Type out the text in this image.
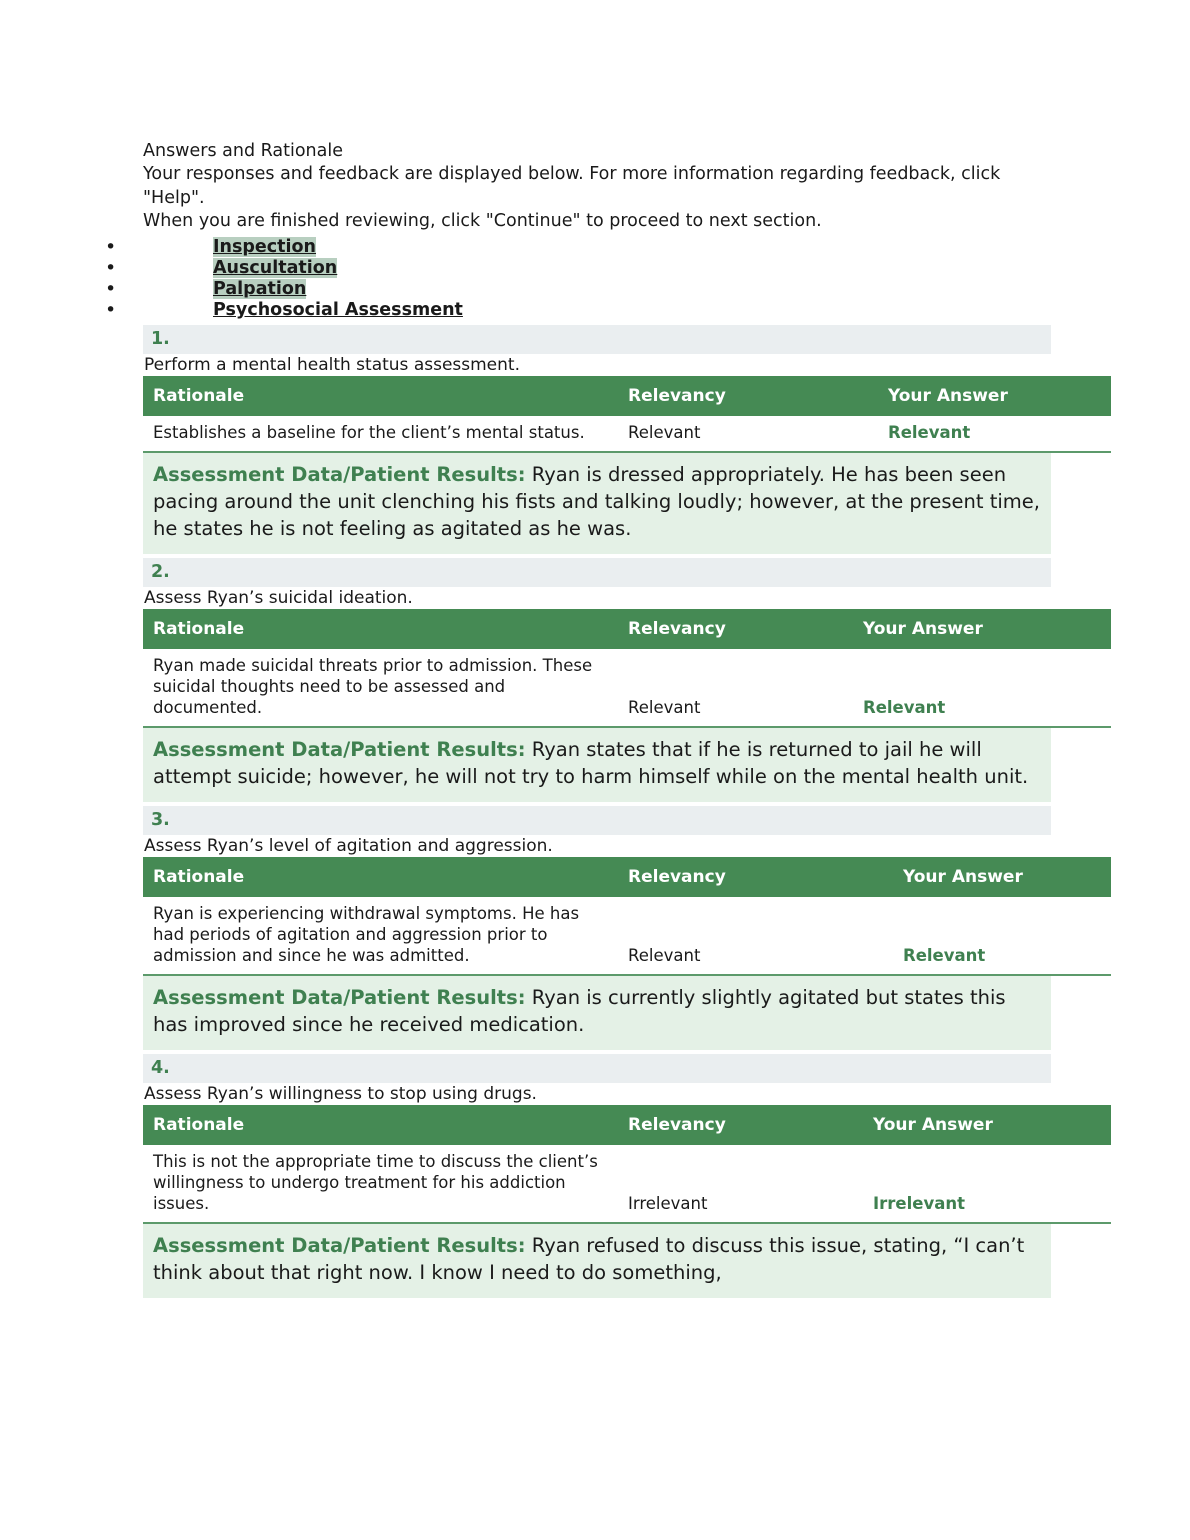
Answers and Rationale
Your responses and feedback are displayed below. For more information regarding feedback, click "Help".
When you are finished reviewing, click "Continue" to proceed to next section.
• Inspection
• Auscultation
• Palpation
• Psychosocial Assessment
1.
Perform a mental health status assessment.
Rationale	Relevancy	Your Answer
Establishes a baseline for the client’s mental status.	Relevant	Relevant
Assessment Data/Patient Results: Ryan is dressed appropriately. He has been seen pacing around the unit clenching his fists and talking loudly; however, at the present time, he states he is not feeling as agitated as he was.
2.
Assess Ryan’s suicidal ideation.
Rationale	Relevancy	Your Answer
Ryan made suicidal threats prior to admission. These suicidal thoughts need to be assessed and documented.	Relevant	Relevant
Assessment Data/Patient Results: Ryan states that if he is returned to jail he will attempt suicide; however, he will not try to harm himself while on the mental health unit.
3.
Assess Ryan’s level of agitation and aggression.
Rationale	Relevancy	Your Answer
Ryan is experiencing withdrawal symptoms. He has had periods of agitation and aggression prior to admission and since he was admitted.	Relevant	Relevant
Assessment Data/Patient Results: Ryan is currently slightly agitated but states this has improved since he received medication.
4.
Assess Ryan’s willingness to stop using drugs.
Rationale	Relevancy	Your Answer
This is not the appropriate time to discuss the client’s willingness to undergo treatment for his addiction issues.	Irrelevant	Irrelevant
Assessment Data/Patient Results: Ryan refused to discuss this issue, stating, “I can’t think about that right now. I know I need to do something,
